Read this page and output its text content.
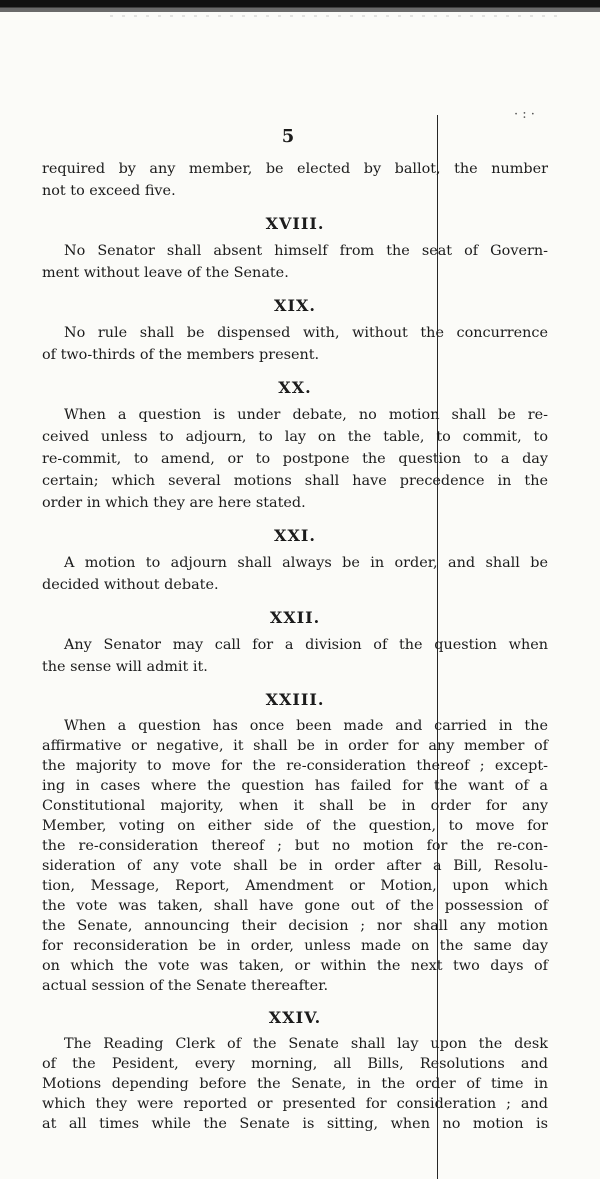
· : ·
5
required by any member, be elected by ballot, the number
not to exceed five.
XVIII.
No Senator shall absent himself from the seat of Govern-
ment without leave of the Senate.
XIX.
No rule shall be dispensed with, without the concurrence
of two-thirds of the members present.
XX.
When a question is under debate, no motion shall be re-
ceived unless to adjourn, to lay on the table, to commit, to
re-commit, to amend, or to postpone the question to a day
certain; which several motions shall have precedence in the
order in which they are here stated.
XXI.
A motion to adjourn shall always be in order, and shall be
decided without debate.
XXII.
Any Senator may call for a division of the question when
the sense will admit it.
XXIII.
When a question has once been made and carried in the
affirmative or negative, it shall be in order for any member of
the majority to move for the re-consideration thereof ; except-
ing in cases where the question has failed for the want of a
Constitutional majority, when it shall be in order for any
Member, voting on either side of the question, to move for
the re-consideration thereof ; but no motion for the re-con-
sideration of any vote shall be in order after a Bill, Resolu-
tion, Message, Report, Amendment or Motion, upon which
the vote was taken, shall have gone out of the possession of
the Senate, announcing their decision ; nor shall any motion
for reconsideration be in order, unless made on the same day
on which the vote was taken, or within the next two days of
actual session of the Senate thereafter.
XXIV.
The Reading Clerk of the Senate shall lay upon the desk
of the Pesident, every morning, all Bills, Resolutions and
Motions depending before the Senate, in the order of time in
which they were reported or presented for consideration ; and
at all times while the Senate is sitting, when no motion is
